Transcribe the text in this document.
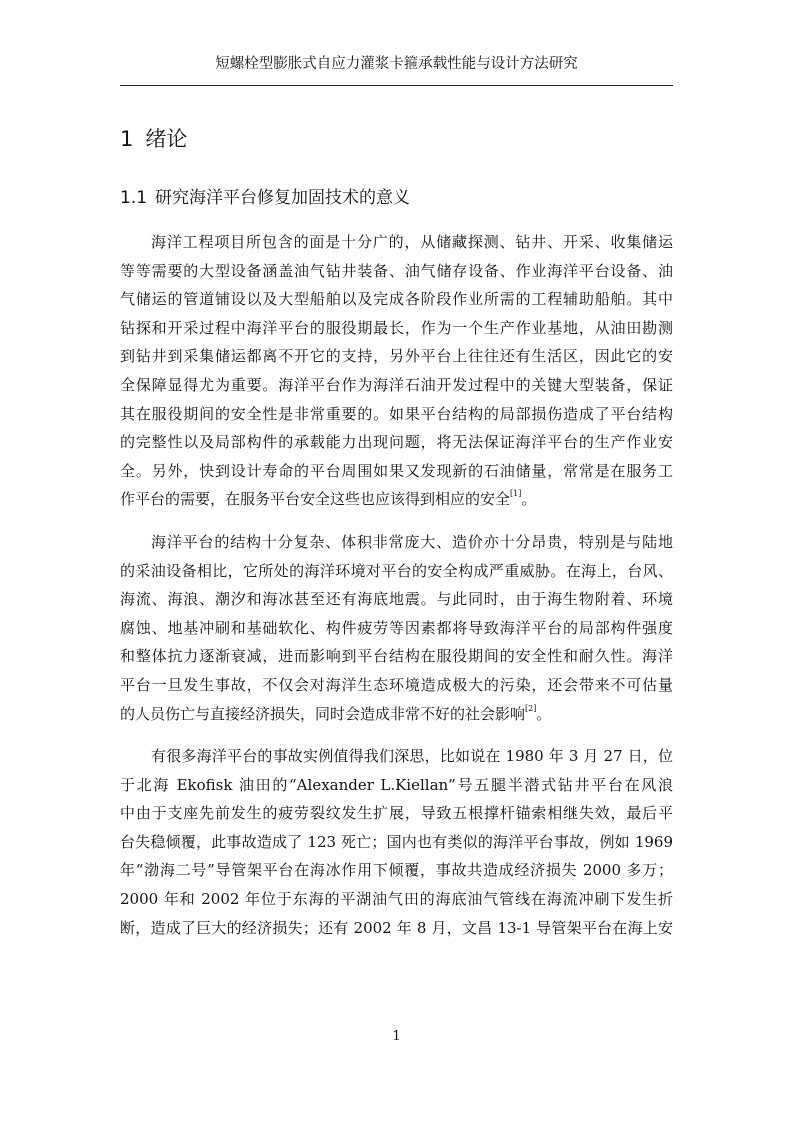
短螺栓型膨胀式自应力灌浆卡箍承载性能与设计方法研究
1 绪论
1.1 研究海洋平台修复加固技术的意义
海洋工程项目所包含的面是十分广的，从储藏探测、钻井、开采、收集储运
等等需要的大型设备涵盖油气钻井装备、油气储存设备、作业海洋平台设备、油
气储运的管道铺设以及大型船舶以及完成各阶段作业所需的工程辅助船舶。其中
钻探和开采过程中海洋平台的服役期最长，作为一个生产作业基地，从油田勘测
到钻井到采集储运都离不开它的支持，另外平台上往往还有生活区，因此它的安
全保障显得尤为重要。海洋平台作为海洋石油开发过程中的关键大型装备，保证
其在服役期间的安全性是非常重要的。如果平台结构的局部损伤造成了平台结构
的完整性以及局部构件的承载能力出现问题，将无法保证海洋平台的生产作业安
全。另外，快到设计寿命的平台周围如果又发现新的石油储量，常常是在服务工
作平台的需要，在服务平台安全这些也应该得到相应的安全[1]。
海洋平台的结构十分复杂、体积非常庞大、造价亦十分昂贵，特别是与陆地
的采油设备相比，它所处的海洋环境对平台的安全构成严重威胁。在海上，台风、
海流、海浪、潮汐和海冰甚至还有海底地震。与此同时，由于海生物附着、环境
腐蚀、地基冲刷和基础软化、构件疲劳等因素都将导致海洋平台的局部构件强度
和整体抗力逐渐衰减，进而影响到平台结构在服役期间的安全性和耐久性。海洋
平台一旦发生事故，不仅会对海洋生态环境造成极大的污染，还会带来不可估量
的人员伤亡与直接经济损失，同时会造成非常不好的社会影响[2]。
有很多海洋平台的事故实例值得我们深思，比如说在 1980 年 3 月 27 日，位
于北海 Ekofisk 油田的“Alexander L.Kiellan”号五腿半潜式钻井平台在风浪
中由于支座先前发生的疲劳裂纹发生扩展，导致五根撑杆锚索相继失效，最后平
台失稳倾覆，此事故造成了 123 死亡；国内也有类似的海洋平台事故，例如 1969
年“渤海二号”导管架平台在海冰作用下倾覆，事故共造成经济损失 2000 多万；
2000 年和 2002 年位于东海的平湖油气田的海底油气管线在海流冲刷下发生折
断，造成了巨大的经济损失；还有 2002 年 8 月，文昌 13-1 导管架平台在海上安
1
